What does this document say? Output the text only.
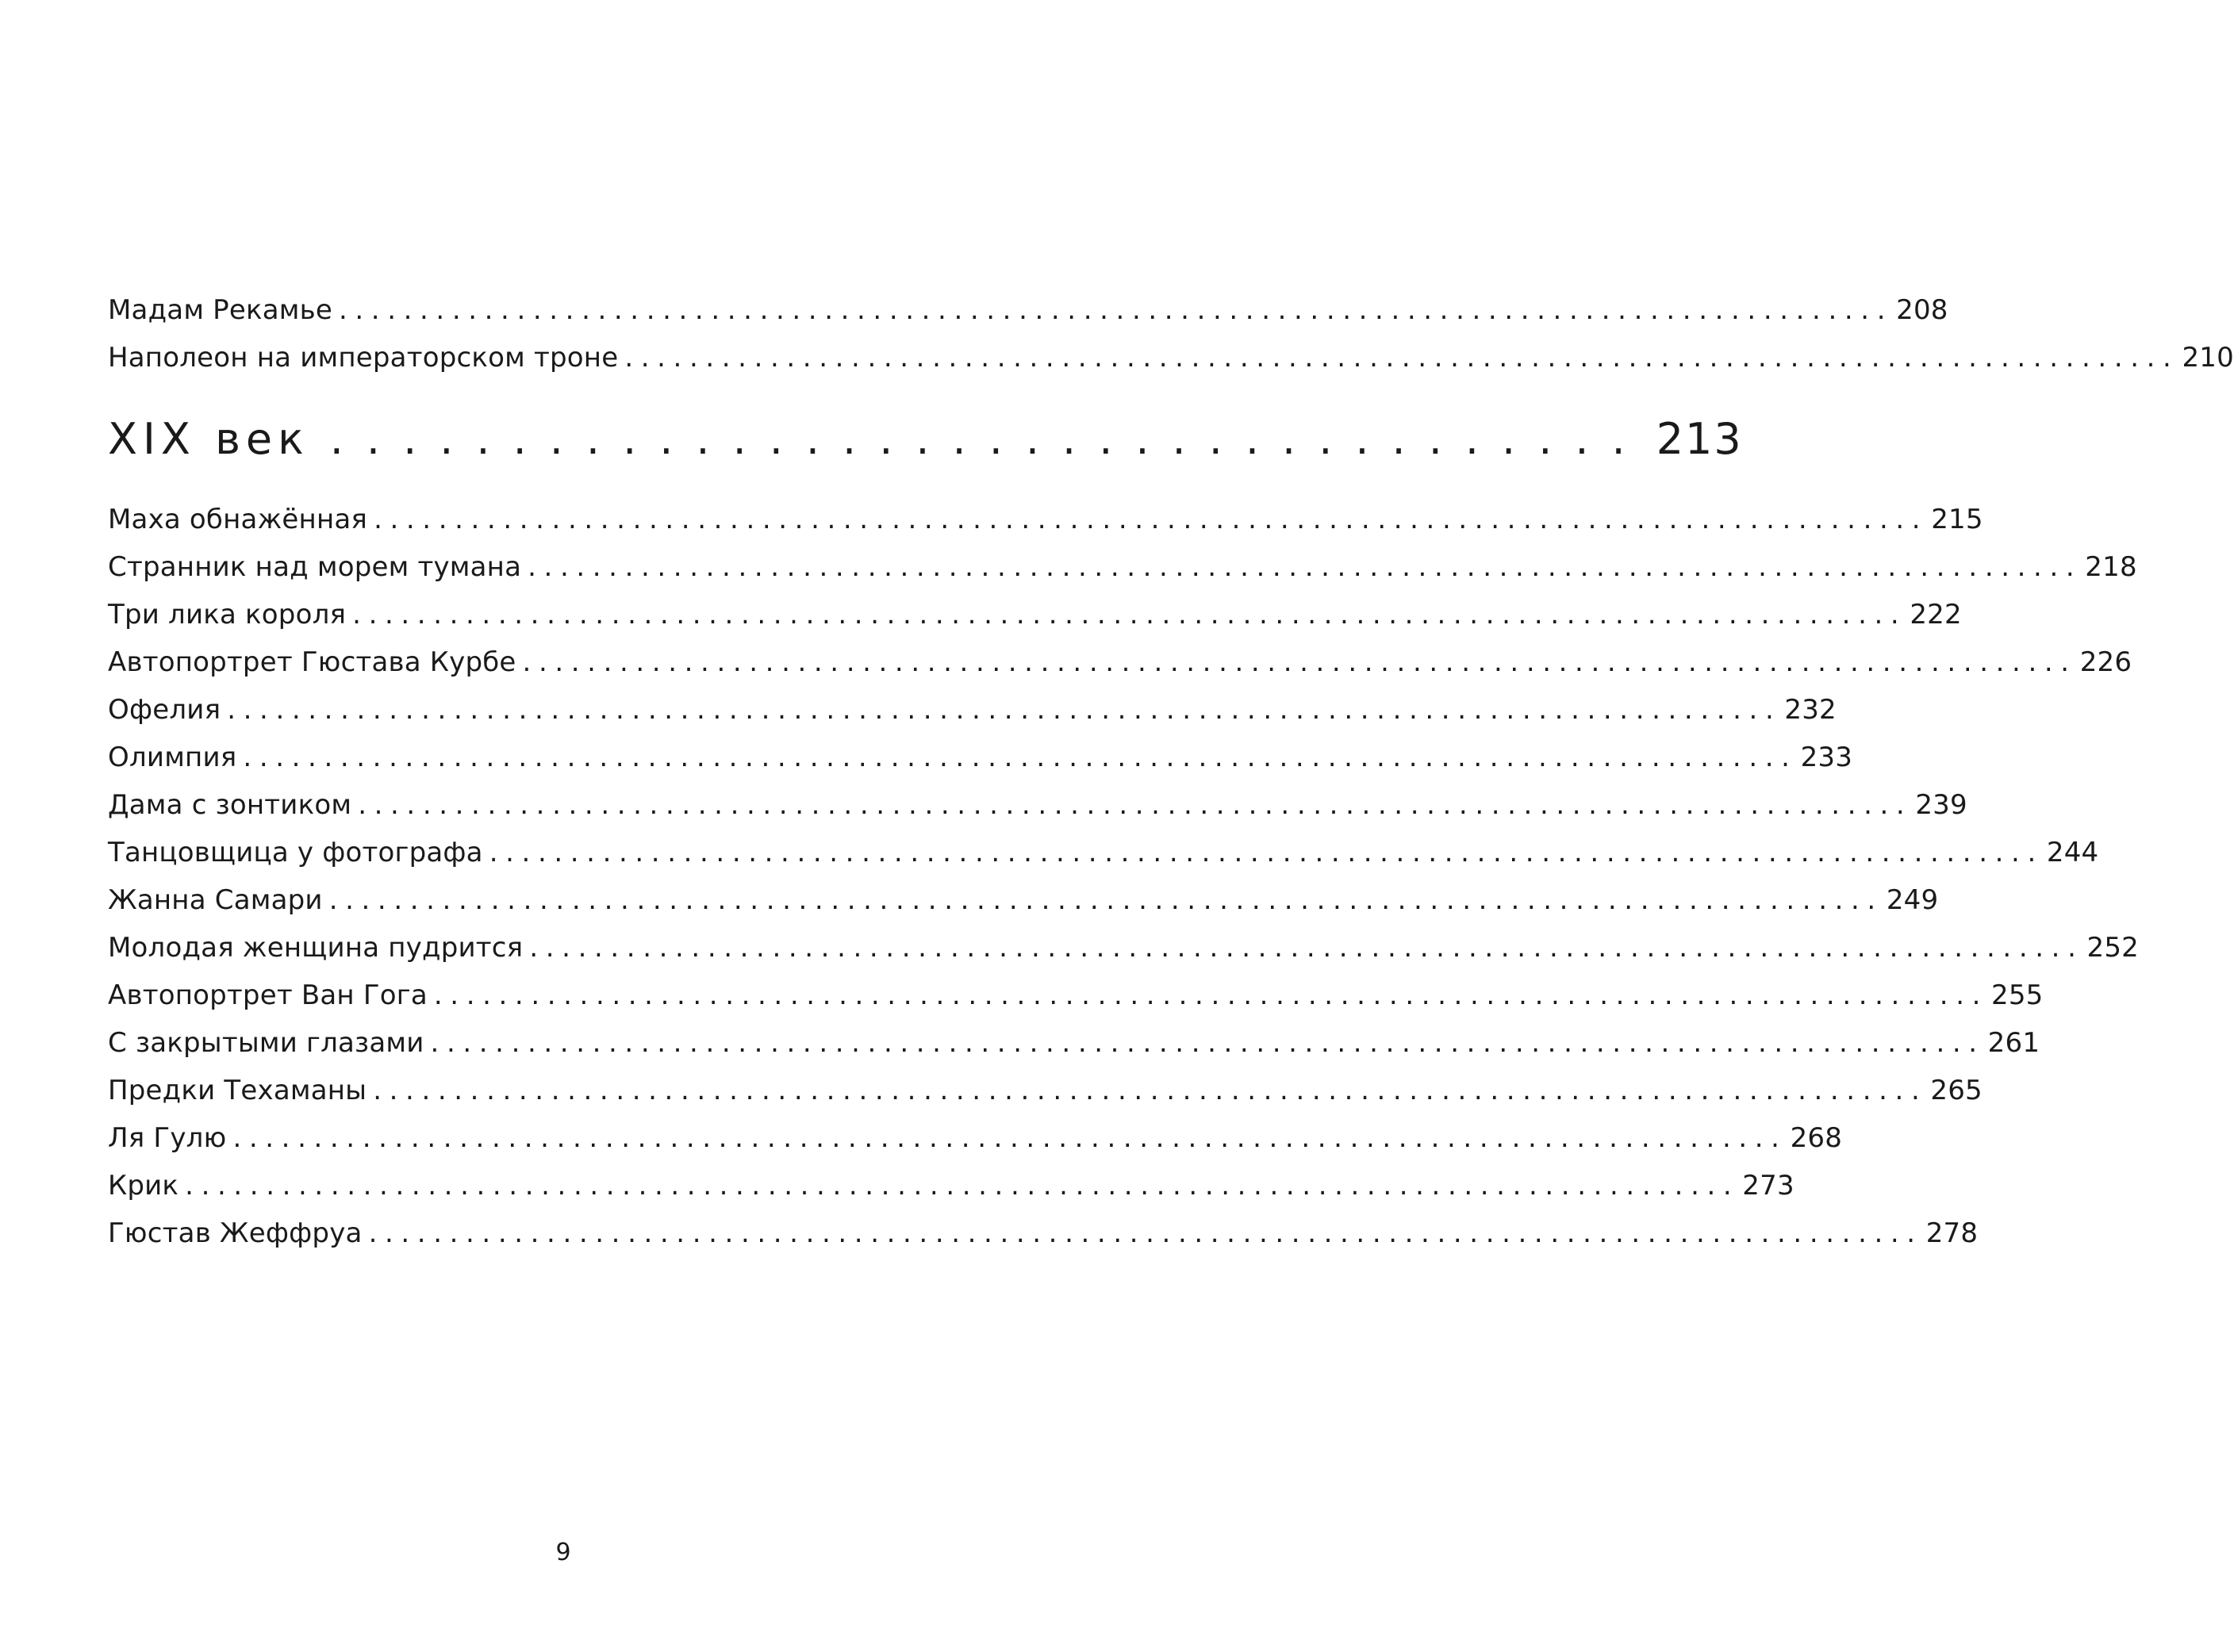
Мадам Рекамье ................................................................................................ 208
Наполеон на императорском троне ................................................................................................ 210
XIX век .................................... 213
Маха обнажённая ................................................................................................ 215
Странник над морем тумана ................................................................................................ 218
Три лика короля ................................................................................................ 222
Автопортрет Гюстава Курбе ................................................................................................ 226
Офелия ................................................................................................ 232
Олимпия ................................................................................................ 233
Дама с зонтиком ................................................................................................ 239
Танцовщица у фотографа ................................................................................................ 244
Жанна Самари ................................................................................................ 249
Молодая женщина пудрится ................................................................................................ 252
Автопортрет Ван Гога ................................................................................................ 255
С закрытыми глазами ................................................................................................ 261
Предки Техаманы ................................................................................................ 265
Ля Гулю ................................................................................................ 268
Крик ................................................................................................ 273
Гюстав Жеффруа ................................................................................................ 278
9
